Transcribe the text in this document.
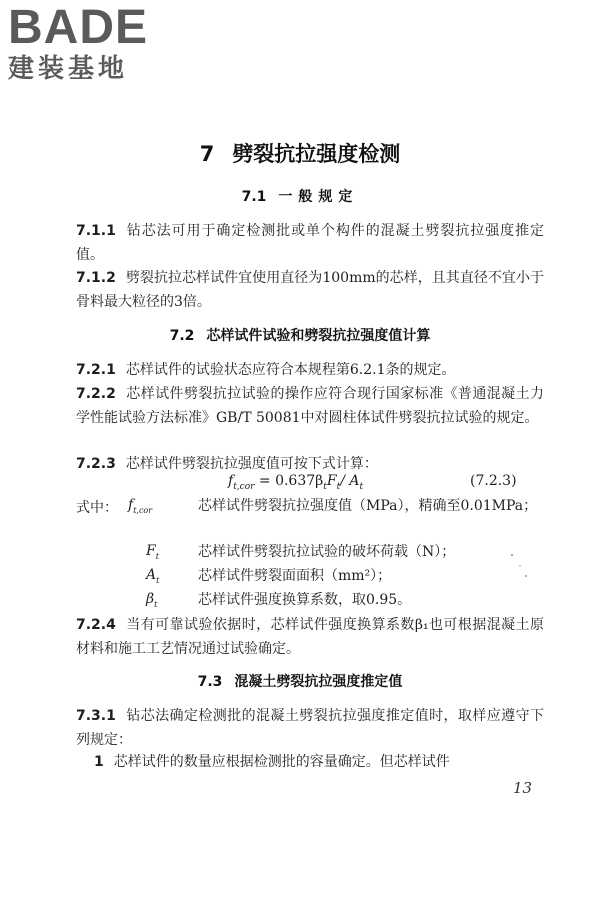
BADE
建装基地
7 劈裂抗拉强度检测
7.1 一般规定
7.1.1 钻芯法可用于确定检测批或单个构件的混凝土劈裂抗拉强度推定值。
7.1.2 劈裂抗拉芯样试件宜使用直径为100mm的芯样，且其直径不宜小于骨料最大粒径的3倍。
7.2 芯样试件试验和劈裂抗拉强度值计算
7.2.1 芯样试件的试验状态应符合本规程第6.2.1条的规定。
7.2.2 芯样试件劈裂抗拉试验的操作应符合现行国家标准《普通混凝土力学性能试验方法标准》GB/T 50081中对圆柱体试件劈裂抗拉试验的规定。
7.2.3 芯样试件劈裂抗拉强度值可按下式计算：
$f_{t,cor} = 0.637\beta_tF_t/$ $A_t$	(7.2.3)
式中： $f_{t,cor}$	芯样试件劈裂抗拉强度值（MPa），精确至0.01MPa；
$F_t$	芯样试件劈裂抗拉试验的破坏荷载（N）；
$A_t$	芯样试件劈裂面面积（mm²）；
$\beta_t$	芯样试件强度换算系数，取0.95。
7.2.4 当有可靠试验依据时，芯样试件强度换算系数β₁也可根据混凝土原材料和施工工艺情况通过试验确定。
7.3 混凝土劈裂抗拉强度推定值
7.3.1 钻芯法确定检测批的混凝土劈裂抗拉强度推定值时，取样应遵守下列规定：
1 芯样试件的数量应根据检测批的容量确定。但芯样试件
13
